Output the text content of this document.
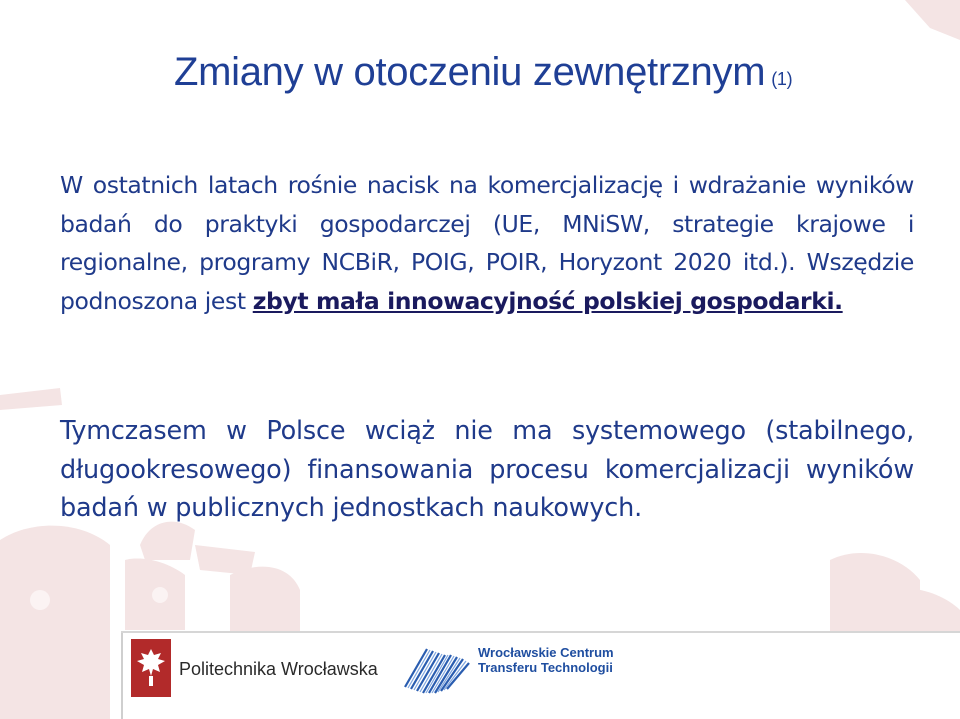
Zmiany w otoczeniu zewnętrznym (1)
W ostatnich latach rośnie nacisk na komercjalizację i wdrażanie wyników badań do praktyki gospodarczej (UE, MNiSW, strategie krajowe i regionalne, programy NCBiR, POIG, POIR, Horyzont 2020 itd.). Wszędzie podnoszona jest zbyt mała innowacyjność polskiej gospodarki.
Tymczasem w Polsce wciąż nie ma systemowego (stabilnego, długookresowego) finansowania procesu komercjalizacji wyników badań w publicznych jednostkach naukowych.
Politechnika Wrocławska
Wrocławskie Centrum
Transferu Technologii
